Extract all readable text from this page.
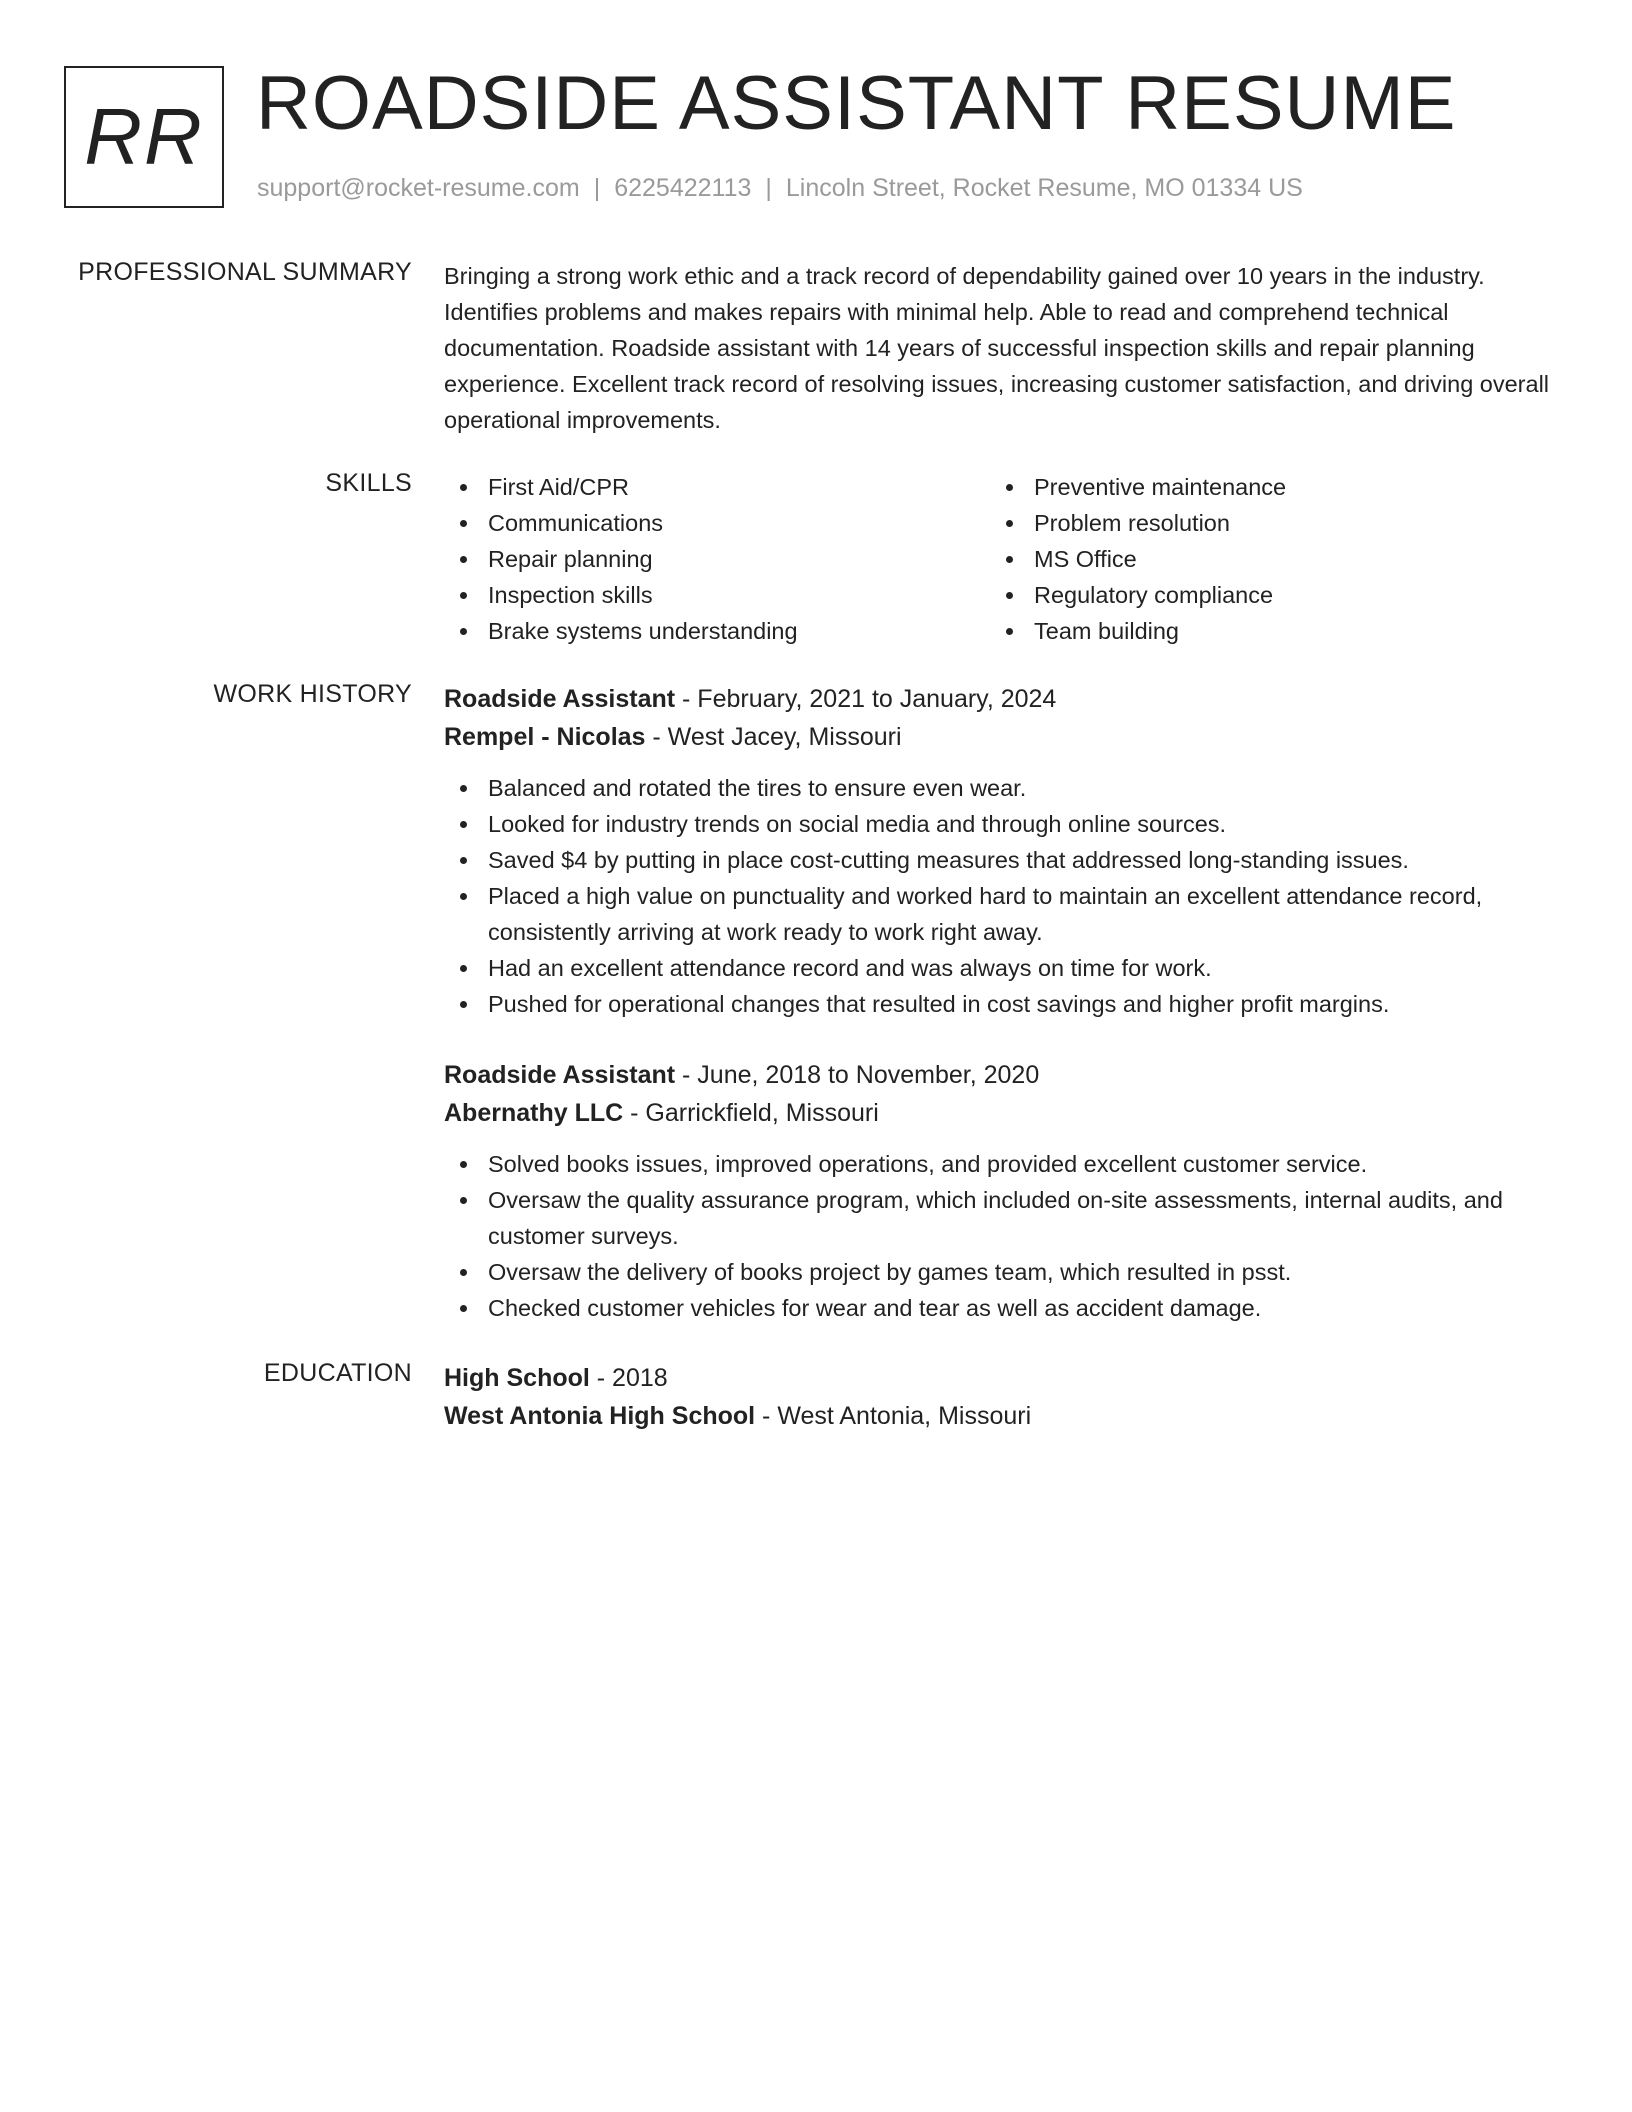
RR ROADSIDE ASSISTANT RESUME
support@rocket-resume.com | 6225422113 | Lincoln Street, Rocket Resume, MO 01334 US
PROFESSIONAL SUMMARY Bringing a strong work ethic and a track record of dependability gained over 10 years in the industry. Identifies problems and makes repairs with minimal help. Able to read and comprehend technical documentation. Roadside assistant with 14 years of successful inspection skills and repair planning experience. Excellent track record of resolving issues, increasing customer satisfaction, and driving overall operational improvements.

SKILLS	First Aid/CPR
Communications
Repair planning
Inspection skills
Brake systems understanding
Preventive maintenance
Problem resolution
MS Office
Regulatory compliance
Team building
WORK HISTORY Roadside Assistant - February, 2021 to January, 2024
Rempel - Nicolas - West Jacey, Missouri
Balanced and rotated the tires to ensure even wear.
Looked for industry trends on social media and through online sources.
Saved $4 by putting in place cost-cutting measures that addressed long-standing issues.
Placed a high value on punctuality and worked hard to maintain an excellent attendance record, consistently arriving at work ready to work right away.
Had an excellent attendance record and was always on time for work.
Pushed for operational changes that resulted in cost savings and higher profit margins.
Roadside Assistant - June, 2018 to November, 2020
Abernathy LLC - Garrickfield, Missouri
Solved books issues, improved operations, and provided excellent customer service.
Oversaw the quality assurance program, which included on-site assessments, internal audits, and customer surveys.
Oversaw the delivery of books project by games team, which resulted in psst.
Checked customer vehicles for wear and tear as well as accident damage.
EDUCATION High School - 2018
West Antonia High School - West Antonia, Missouri
